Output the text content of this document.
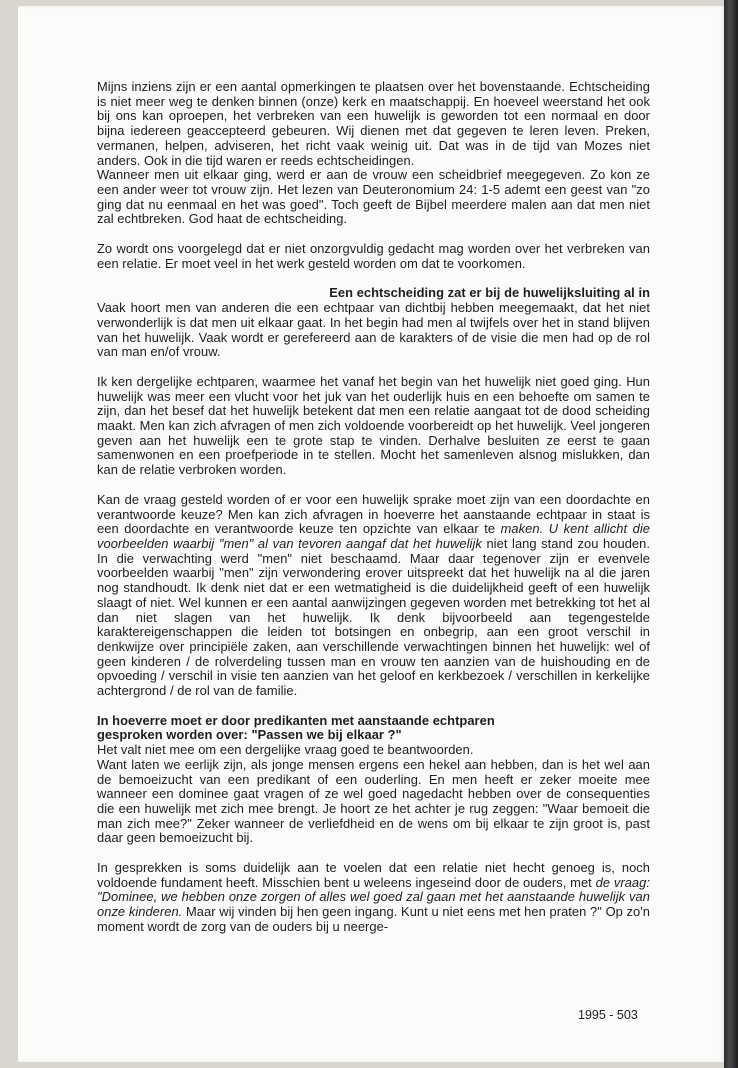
Mijns inziens zijn er een aantal opmerkingen te plaatsen over het bovenstaande. Echtscheiding is niet meer weg te denken binnen (onze) kerk en maatschappij. En hoeveel weerstand het ook bij ons kan oproepen, het verbreken van een huwelijk is geworden tot een normaal en door bijna iedereen geaccepteerd gebeuren. Wij dienen met dat gegeven te leren leven. Preken, vermanen, helpen, adviseren, het richt vaak weinig uit. Dat was in de tijd van Mozes niet anders. Ook in die tijd waren er reeds echtscheidingen.

Wanneer men uit elkaar ging, werd er aan de vrouw een scheidbrief meegegeven. Zo kon ze een ander weer tot vrouw zijn. Het lezen van Deuteronomium 24: 1-5 ademt een geest van "zo ging dat nu eenmaal en het was goed". Toch geeft de Bijbel meerdere malen aan dat men niet zal echtbreken. God haat de echtscheiding.

Zo wordt ons voorgelegd dat er niet onzorgvuldig gedacht mag worden over het verbreken van een relatie. Er moet veel in het werk gesteld worden om dat te voorkomen.

Een echtscheiding zat er bij de huwelijksluiting al in

Vaak hoort men van anderen die een echtpaar van dichtbij hebben meegemaakt, dat het niet verwonderlijk is dat men uit elkaar gaat. In het begin had men al twijfels over het in stand blijven van het huwelijk. Vaak wordt er gerefereerd aan de karakters of de visie die men had op de rol van man en/of vrouw.

Ik ken dergelijke echtparen, waarmee het vanaf het begin van het huwelijk niet goed ging. Hun huwelijk was meer een vlucht voor het juk van het ouderlijk huis en een behoefte om samen te zijn, dan het besef dat het huwelijk betekent dat men een relatie aangaat tot de dood scheiding maakt. Men kan zich afvragen of men zich voldoende voorbereidt op het huwelijk. Veel jongeren geven aan het huwelijk een te grote stap te vinden. Derhalve besluiten ze eerst te gaan samenwonen en een proefperiode in te stellen. Mocht het samenleven alsnog mislukken, dan kan de relatie verbroken worden.

Kan de vraag gesteld worden of er voor een huwelijk sprake moet zijn van een doordachte en verantwoorde keuze? Men kan zich afvragen in hoeverre het aanstaande echtpaar in staat is een doordachte en verantwoorde keuze ten opzichte van elkaar te maken. U kent allicht die voorbeelden waarbij "men" al van tevoren aangaf dat het huwelijk niet lang stand zou houden. In die verwachting werd "men" niet beschaamd. Maar daar tegenover zijn er evenvele voorbeelden waarbij "men" zijn verwondering erover uitspreekt dat het huwelijk na al die jaren nog standhoudt. Ik denk niet dat er een wetmatigheid is die duidelijkheid geeft of een huwelijk slaagt of niet. Wel kunnen er een aantal aanwijzingen gegeven worden met betrekking tot het al dan niet slagen van het huwelijk. Ik denk bijvoorbeeld aan tegengestelde karaktereigenschappen die leiden tot botsingen en onbegrip, aan een groot verschil in denkwijze over principiële zaken, aan verschillende verwachtingen binnen het huwelijk: wel of geen kinderen / de rolverdeling tussen man en vrouw ten aanzien van de huishouding en de opvoeding / verschil in visie ten aanzien van het geloof en kerkbezoek / verschillen in kerkelijke achtergrond / de rol van de familie.

In hoeverre moet er door predikanten met aanstaande echtparen

gesproken worden over: "Passen we bij elkaar ?"

Het valt niet mee om een dergelijke vraag goed te beantwoorden.

Want laten we eerlijk zijn, als jonge mensen ergens een hekel aan hebben, dan is het wel aan de bemoeizucht van een predikant of een ouderling. En men heeft er zeker moeite mee wanneer een dominee gaat vragen of ze wel goed nagedacht hebben over de consequenties die een huwelijk met zich mee brengt. Je hoort ze het achter je rug zeggen: "Waar bemoeit die man zich mee?" Zeker wanneer de verliefdheid en de wens om bij elkaar te zijn groot is, past daar geen bemoeizucht bij.

In gesprekken is soms duidelijk aan te voelen dat een relatie niet hecht genoeg is, noch voldoende fundament heeft. Misschien bent u weleens ingeseind door de ouders, met de vraag: "Dominee, we hebben onze zorgen of alles wel goed zal gaan met het aanstaande huwelijk van onze kinderen. Maar wij vinden bij hen geen ingang. Kunt u niet eens met hen praten ?" Op zo'n moment wordt de zorg van de ouders bij u neerge-

1995 - 503
